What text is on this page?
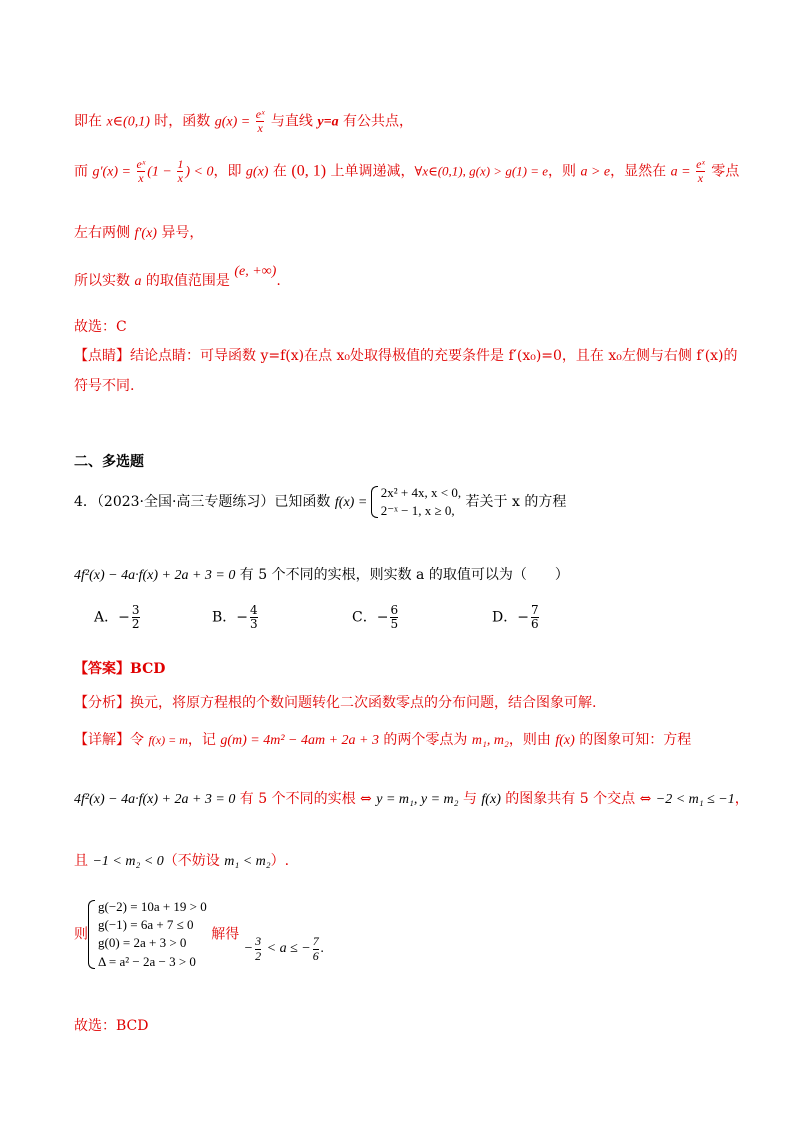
即在 x∈(0,1) 时，函数 $g(x) = \frac{\text{eˣ}}{x}$ 与直线 y=a 有公共点，
而 $g'(x) = \frac{\text{eˣ}}{x} (1 - \frac{1}{x}$ ) < 0，即 g(x) 在 (0, 1) 上单调递减，∀x∈(0,1), g(x) > g(1) = e，则 a > e，显然在 $a = \frac{\text{eˣ}}{x}$ 零点
左右两侧 f′(x) 异号，
所以实数 a 的取值范围是 (e, +∞).
故选：C
【点睛】结论点睛：可导函数 y=f(x)在点 x₀处取得极值的充要条件是 f′(x₀)=0，且在 x₀左侧与右侧 f′(x)的
符号不同.
二、多选题
4．（2023·全国·高三专题练习）已知函数 f(x) =
2x² + 4x, x < 0,
2⁻ˣ − 1, x ≥ 0,
若关于 x 的方程
4f²(x) − 4a·f(x) + 2a + 3 = 0 有 5 个不同的实根，则实数 a 的取值可以为（　　）
A．− $\frac{3}{2}$	B．− $\frac{4}{3}$	C．− $\frac{6}{5}$	D．− $\frac{7}{6}$
【答案】BCD
【分析】换元，将原方程根的个数问题转化二次函数零点的分布问题，结合图象可解.
【详解】令 f(x) = m，记 g(m) = 4m² − 4am + 2a + 3 的两个零点为 m₁, m₂，则由 f(x) 的图象可知：方程
4f²(x) − 4a·f(x) + 2a + 3 = 0 有 5 个不同的实根 ⇔ y = m₁, y = m₂ 与 f(x) 的图象共有 5 个交点 ⇔ −2 < m₁ ≤ −1，
且 −1 < m₂ < 0（不妨设 m₁ < m₂）.
则
g(−2) = 10a + 19 > 0
g(−1) = 6a + 7 ≤ 0
g(0) = 2a + 3 > 0
Δ = a² − 2a − 3 > 0
解得 − $\frac{3}{2} < a$ ≤ − $\frac{7}{6}$ .
故选：BCD
